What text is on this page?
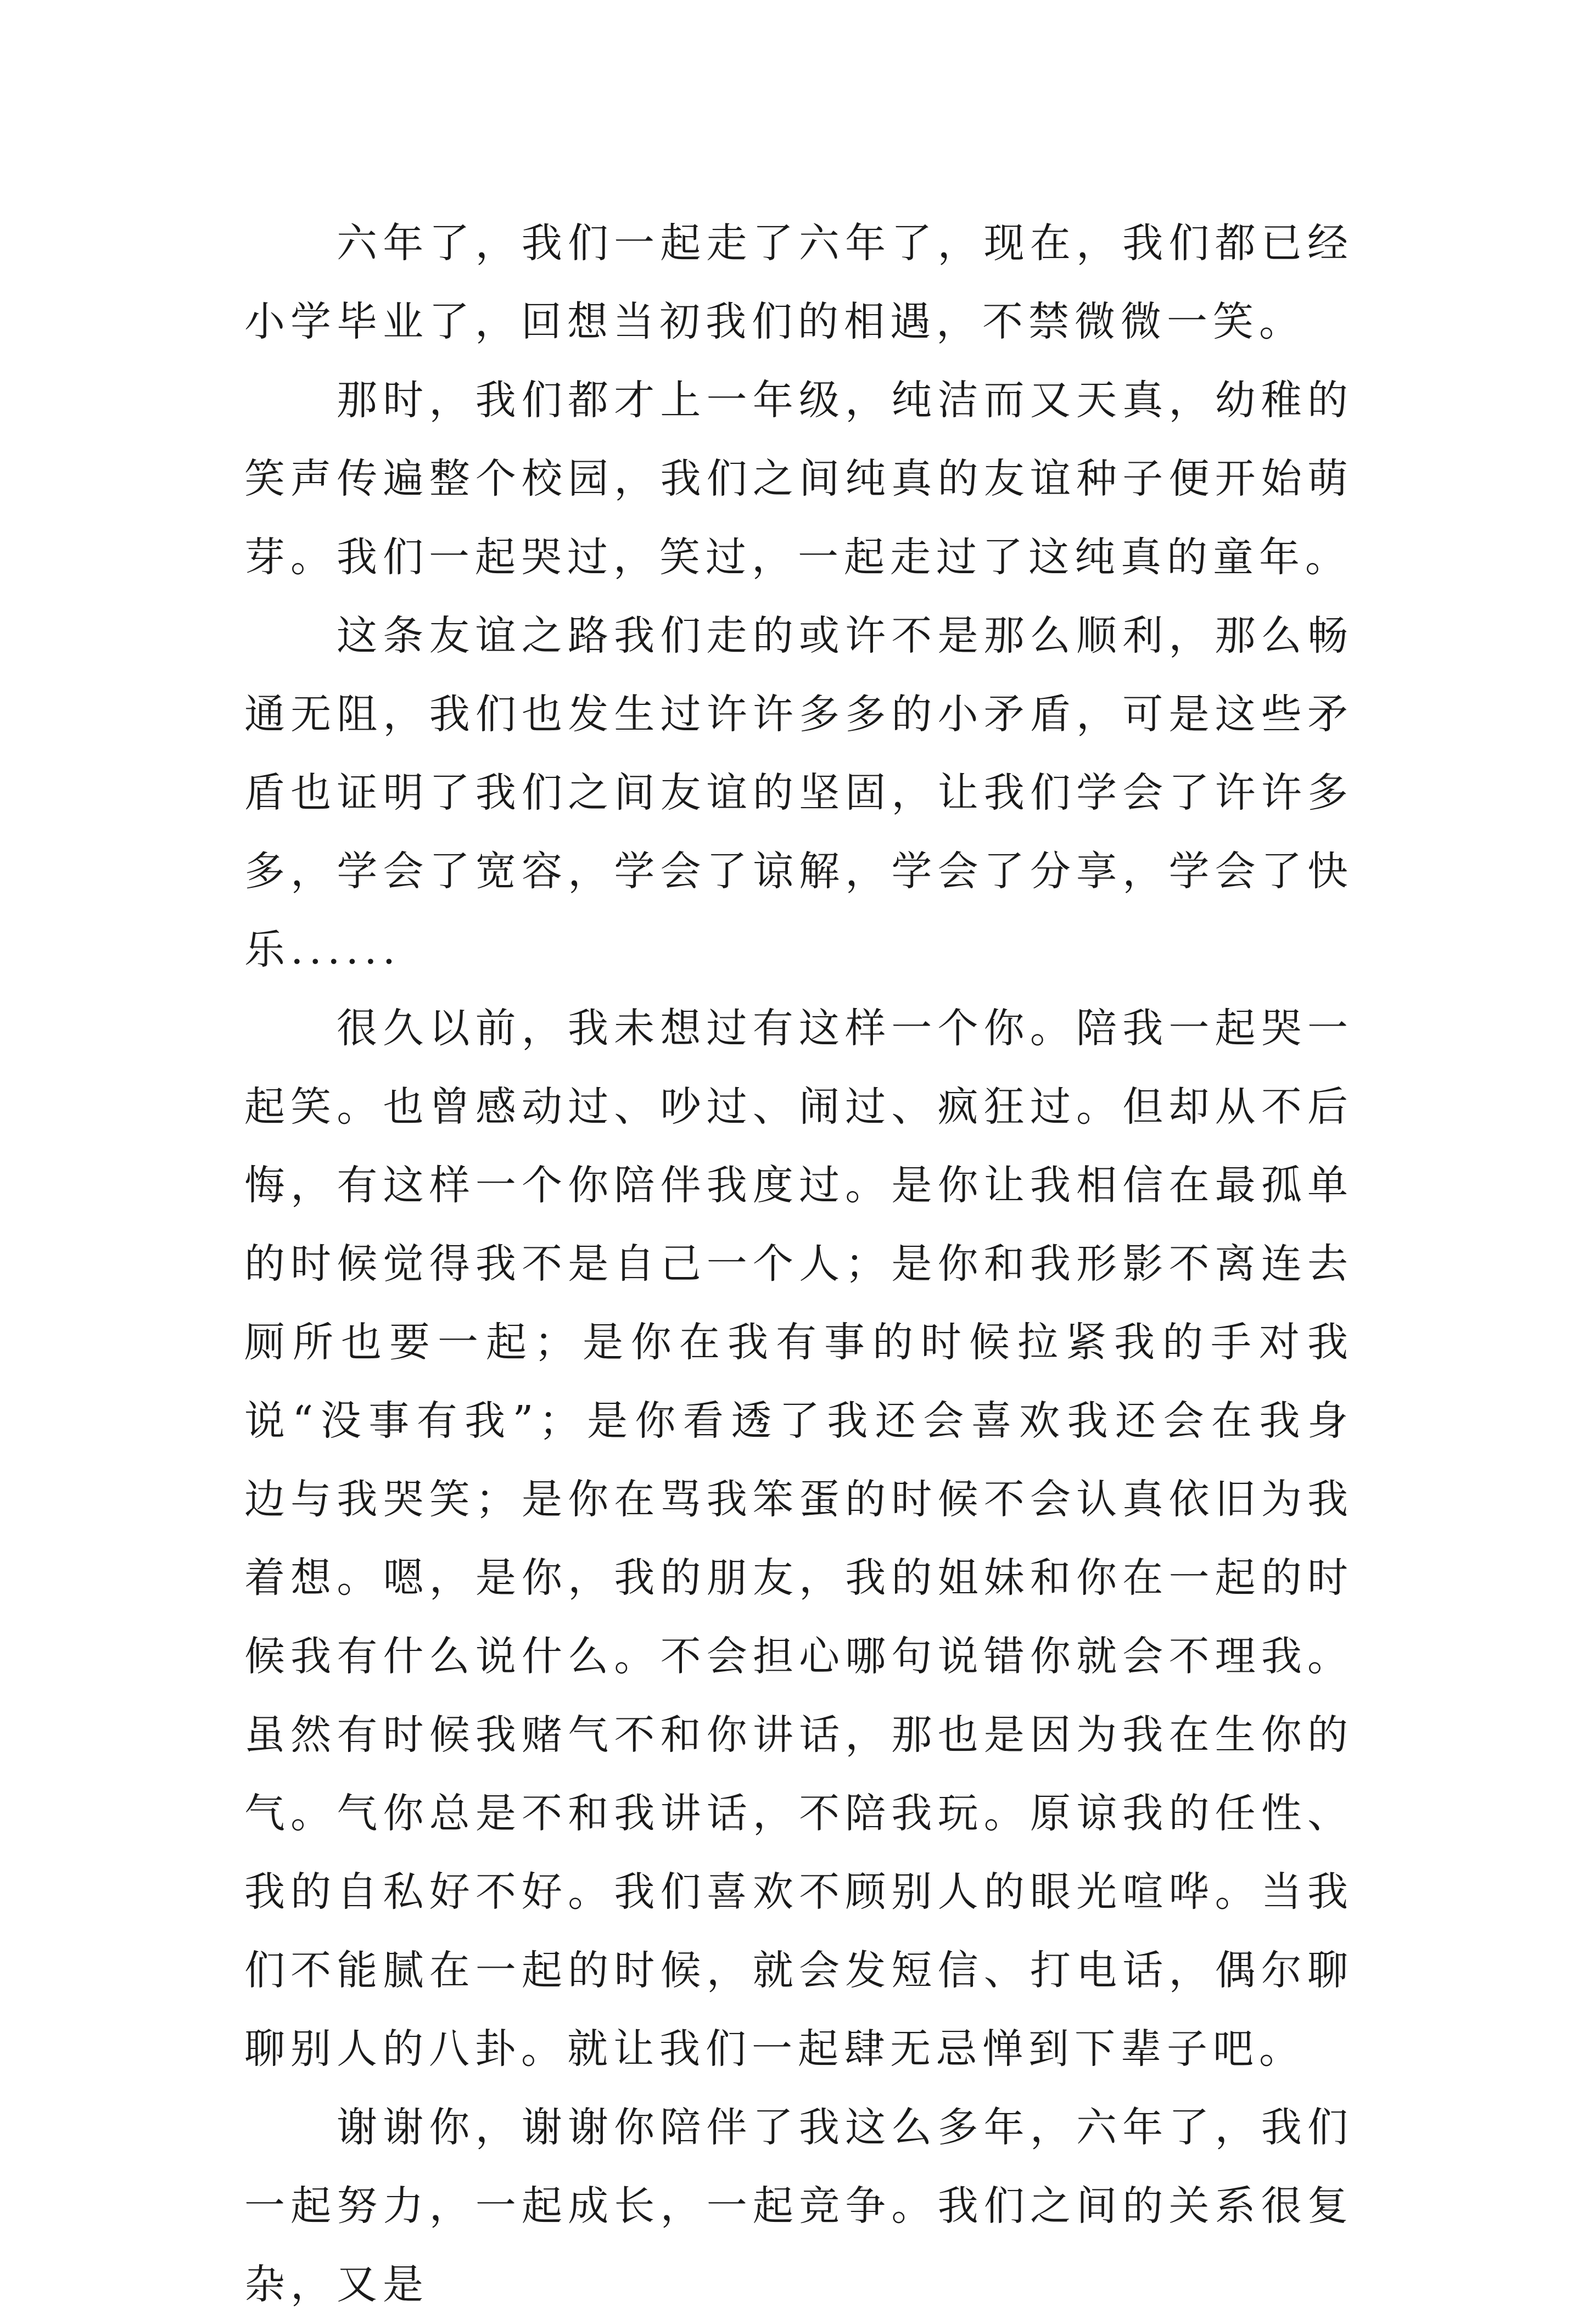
六年了，我们一起走了六年了，现在，我们都已经小学毕业了，回想当初我们的相遇，不禁微微一笑。

那时，我们都才上一年级，纯洁而又天真，幼稚的笑声传遍整个校园，我们之间纯真的友谊种子便开始萌芽。我们一起哭过，笑过，一起走过了这纯真的童年。

这条友谊之路我们走的或许不是那么顺利，那么畅通无阻，我们也发生过许许多多的小矛盾，可是这些矛盾也证明了我们之间友谊的坚固，让我们学会了许许多多，学会了宽容，学会了谅解，学会了分享，学会了快乐......

很久以前，我未想过有这样一个你。陪我一起哭一起笑。也曾感动过、吵过、闹过、疯狂过。但却从不后悔，有这样一个你陪伴我度过。是你让我相信在最孤单的时候觉得我不是自己一个人；是你和我形影不离连去厕所也要一起；是你在我有事的时候拉紧我的手对我说“没事有我”；是你看透了我还会喜欢我还会在我身边与我哭笑；是你在骂我笨蛋的时候不会认真依旧为我着想。嗯，是你，我的朋友，我的姐妹和你在一起的时候我有什么说什么。不会担心哪句说错你就会不理我。虽然有时候我赌气不和你讲话，那也是因为我在生你的气。气你总是不和我讲话，不陪我玩。原谅我的任性、我的自私好不好。我们喜欢不顾别人的眼光喧哗。当我们不能腻在一起的时候，就会发短信、打电话，偶尔聊聊别人的八卦。就让我们一起肆无忌惮到下辈子吧。

谢谢你，谢谢你陪伴了我这么多年，六年了，我们一起努力，一起成长，一起竞争。我们之间的关系很复杂，又是
